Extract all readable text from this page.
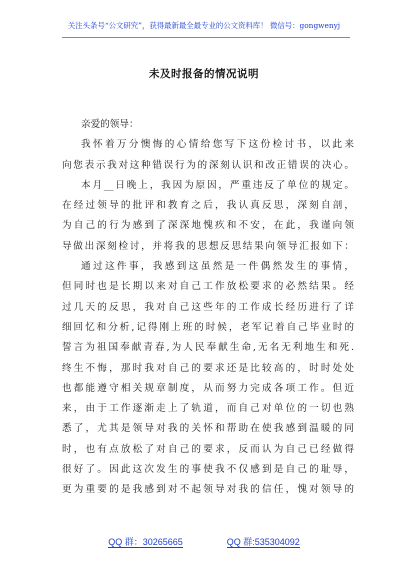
关注头条号“公文研究”，获得最新最全最专业的公文资料库！ 微信号：gongwenyj
未及时报备的情况说明
亲爱的领导：
我怀着万分懊悔的心情给您写下这份检讨书，以此来
向您表示我对这种错误行为的深刻认识和改正错误的决心。
本月__日晚上，我因为原因，严重违反了单位的规定。
在经过领导的批评和教育之后，我认真反思，深刻自剖，
为自己的行为感到了深深地愧疚和不安，在此，我谨向领
导做出深刻检讨，并将我的思想反思结果向领导汇报如下：
通过这件事，我感到这虽然是一件偶然发生的事情，
但同时也是长期以来对自己工作放松要求的必然结果。经
过几天的反思，我对自己这些年的工作成长经历进行了详
细回忆和分析,记得刚上班的时候，老军记着自己毕业时的
誓言为祖国奉献青春,为人民奉献生命,无名无利地生和死.
终生不悔，那时我对自己的要求还是比较高的，时时处处
也都能遵守相关规章制度，从而努力完成各项工作。但近
来，由于工作逐渐走上了轨道，而自己对单位的一切也熟
悉了，尤其是领导对我的关怀和帮助在使我感到温暖的同
时，也有点放松了对自己的要求，反而认为自己已经做得
很好了。因此这次发生的事使我不仅感到是自己的耻辱，
更为重要的是我感到对不起领导对我的信任，愧对领导的
QQ 群：30265665	QQ 群:535304092
